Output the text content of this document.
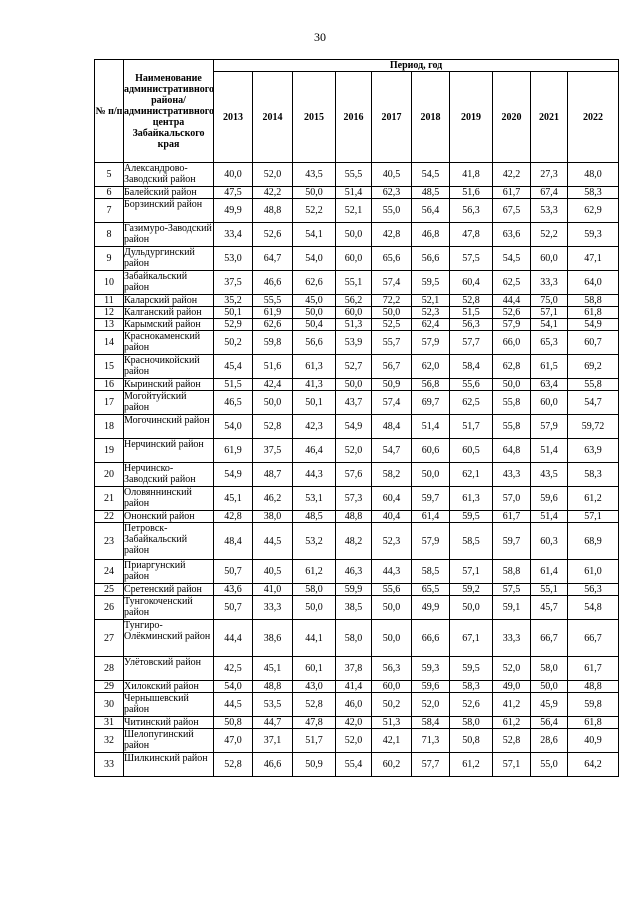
30
№ п/п	Наименование административного района/ административного центра Забайкальского края	Период, год									
		2013	2014	2015	2016	2017	2018	2019	2020	2021	2022
5	Александрово-Заводский район	40,0	52,0	43,5	55,5	40,5	54,5	41,8	42,2	27,3	48,0
6	Балейский район	47,5	42,2	50,0	51,4	62,3	48,5	51,6	61,7	67,4	58,3
7	Борзинский район	49,9	48,8	52,2	52,1	55,0	56,4	56,3	67,5	53,3	62,9
8	Газимуро-Заводский район	33,4	52,6	54,1	50,0	42,8	46,8	47,8	63,6	52,2	59,3
9	Дульдургинский район	53,0	64,7	54,0	60,0	65,6	56,6	57,5	54,5	60,0	47,1
10	Забайкальский район	37,5	46,6	62,6	55,1	57,4	59,5	60,4	62,5	33,3	64,0
11	Каларский район	35,2	55,5	45,0	56,2	72,2	52,1	52,8	44,4	75,0	58,8
12	Калганский район	50,1	61,9	50,0	60,0	50,0	52,3	51,5	52,6	57,1	61,8
13	Карымский район	52,9	62,6	50,4	51,3	52,5	62,4	56,3	57,9	54,1	54,9
14	Краснокаменский район	50,2	59,8	56,6	53,9	55,7	57,9	57,7	66,0	65,3	60,7
15	Красночикойский район	45,4	51,6	61,3	52,7	56,7	62,0	58,4	62,8	61,5	69,2
16	Кыринский район	51,5	42,4	41,3	50,0	50,9	56,8	55,6	50,0	63,4	55,8
17	Могойтуйский район	46,5	50,0	50,1	43,7	57,4	69,7	62,5	55,8	60,0	54,7
18	Могочинский район	54,0	52,8	42,3	54,9	48,4	51,4	51,7	55,8	57,9	59,72
19	Нерчинский район	61,9	37,5	46,4	52,0	54,7	60,6	60,5	64,8	51,4	63,9
20	Нерчинско-Заводский район	54,9	48,7	44,3	57,6	58,2	50,0	62,1	43,3	43,5	58,3
21	Оловяннинский район	45,1	46,2	53,1	57,3	60,4	59,7	61,3	57,0	59,6	61,2
22	Ононский район	42,8	38,0	48,5	48,8	40,4	61,4	59,5	61,7	51,4	57,1
23	Петровск-Забайкальский район	48,4	44,5	53,2	48,2	52,3	57,9	58,5	59,7	60,3	68,9
24	Приаргунский район	50,7	40,5	61,2	46,3	44,3	58,5	57,1	58,8	61,4	61,0
25	Сретенский район	43,6	41,0	58,0	59,9	55,6	65,5	59,2	57,5	55,1	56,3
26	Тунгокоченский район	50,7	33,3	50,0	38,5	50,0	49,9	50,0	59,1	45,7	54,8
27	Тунгиро-Олёкминский район	44,4	38,6	44,1	58,0	50,0	66,6	67,1	33,3	66,7	66,7
28	Улётовский район	42,5	45,1	60,1	37,8	56,3	59,3	59,5	52,0	58,0	61,7
29	Хилокский район	54,0	48,8	43,0	41,4	60,0	59,6	58,3	49,0	50,0	48,8
30	Чернышевский район	44,5	53,5	52,8	46,0	50,2	52,0	52,6	41,2	45,9	59,8
31	Читинский район	50,8	44,7	47,8	42,0	51,3	58,4	58,0	61,2	56,4	61,8
32	Шелопугинский район	47,0	37,1	51,7	52,0	42,1	71,3	50,8	52,8	28,6	40,9
33	Шилкинский район	52,8	46,6	50,9	55,4	60,2	57,7	61,2	57,1	55,0	64,2
